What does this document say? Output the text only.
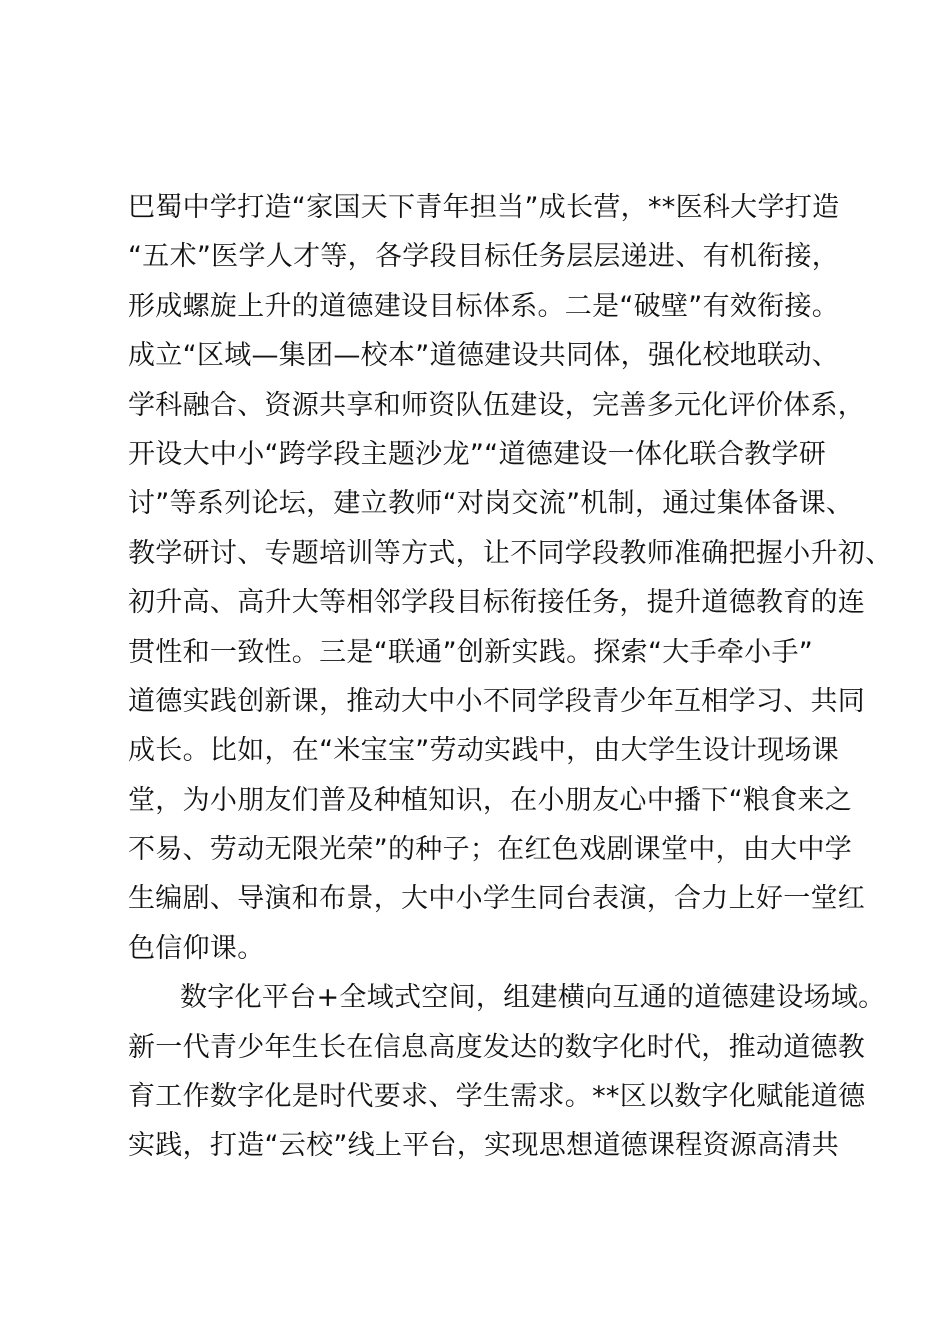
巴蜀中学打造“家国天下青年担当”成长营，**医科大学打造
“五术”医学人才等，各学段目标任务层层递进、有机衔接，
形成螺旋上升的道德建设目标体系。二是“破壁”有效衔接。
成立“区域—集团—校本”道德建设共同体，强化校地联动、
学科融合、资源共享和师资队伍建设，完善多元化评价体系，
开设大中小“跨学段主题沙龙”“道德建设一体化联合教学研
讨”等系列论坛，建立教师“对岗交流”机制，通过集体备课、
教学研讨、专题培训等方式，让不同学段教师准确把握小升初、
初升高、高升大等相邻学段目标衔接任务，提升道德教育的连
贯性和一致性。三是“联通”创新实践。探索“大手牵小手”
道德实践创新课，推动大中小不同学段青少年互相学习、共同
成长。比如，在“米宝宝”劳动实践中，由大学生设计现场课
堂，为小朋友们普及种植知识，在小朋友心中播下“粮食来之
不易、劳动无限光荣”的种子；在红色戏剧课堂中，由大中学
生编剧、导演和布景，大中小学生同台表演，合力上好一堂红
色信仰课。
数字化平台+全域式空间，组建横向互通的道德建设场域。
新一代青少年生长在信息高度发达的数字化时代，推动道德教
育工作数字化是时代要求、学生需求。**区以数字化赋能道德
实践，打造“云校”线上平台，实现思想道德课程资源高清共
